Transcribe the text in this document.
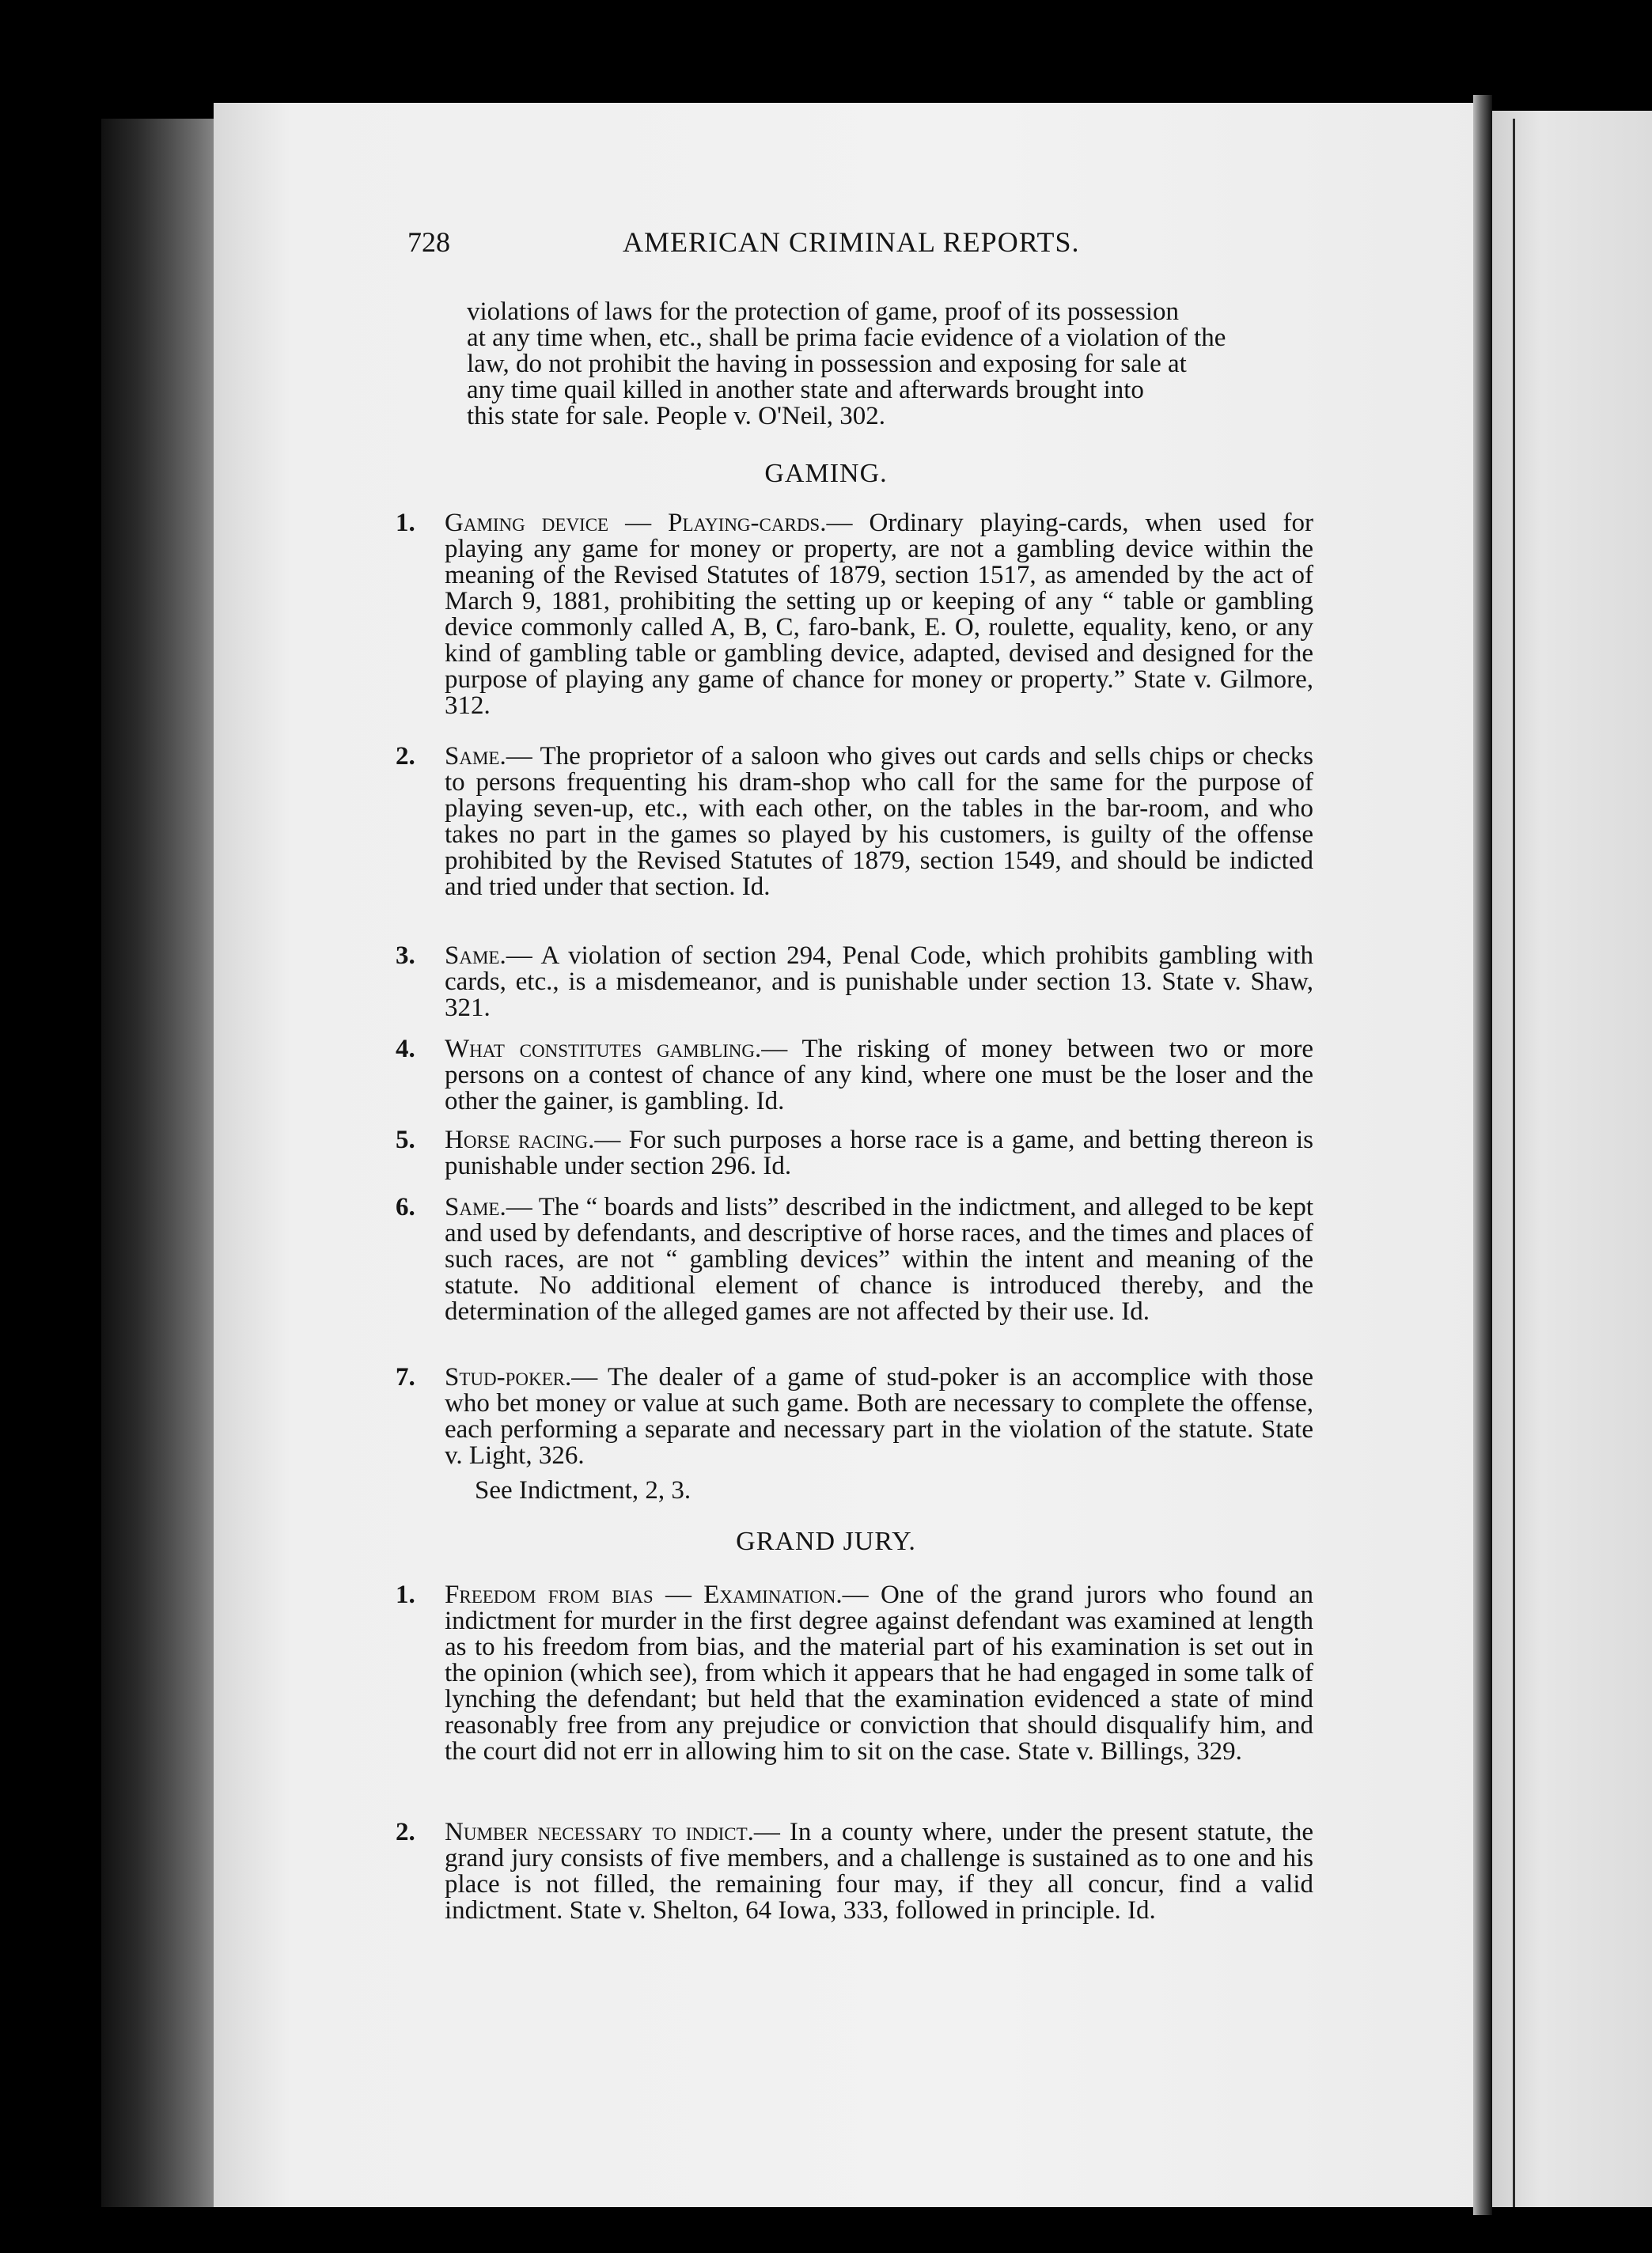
728	AMERICAN CRIMINAL REPORTS.

violations of laws for the protection of game, proof of its possession

at any time when, etc., shall be prima facie evidence of a violation of the

law, do not prohibit the having in possession and exposing for sale at

any time quail killed in another state and afterwards brought into

this state for sale. People v. O'Neil, 302.

GAMING.
1. Gaming device — Playing-cards.— Ordinary playing-cards, when used for playing any game for money or property, are not a gambling device within the meaning of the Revised Statutes of 1879, section 1517, as amended by the act of March 9, 1881, prohibiting the setting up or keeping of any “ table or gambling device commonly called A, B, C, faro-bank, E. O, roulette, equality, keno, or any kind of gambling table or gambling device, adapted, devised and designed for the purpose of playing any game of chance for money or property.” State v. Gilmore, 312.
2. Same.— The proprietor of a saloon who gives out cards and sells chips or checks to persons frequenting his dram-shop who call for the same for the purpose of playing seven-up, etc., with each other, on the tables in the bar-room, and who takes no part in the games so played by his customers, is guilty of the offense prohibited by the Revised Statutes of 1879, section 1549, and should be indicted and tried under that section. Id.
3. Same.— A violation of section 294, Penal Code, which prohibits gambling with cards, etc., is a misdemeanor, and is punishable under section 13. State v. Shaw, 321.
4. What constitutes gambling.— The risking of money between two or more persons on a contest of chance of any kind, where one must be the loser and the other the gainer, is gambling. Id.
5. Horse racing.— For such purposes a horse race is a game, and betting thereon is punishable under section 296. Id.
6. Same.— The “ boards and lists” described in the indictment, and alleged to be kept and used by defendants, and descriptive of horse races, and the times and places of such races, are not “ gambling devices” within the intent and meaning of the statute. No additional element of chance is introduced thereby, and the determination of the alleged games are not affected by their use. Id.
7. Stud-poker.— The dealer of a game of stud-poker is an accomplice with those who bet money or value at such game. Both are necessary to complete the offense, each performing a separate and necessary part in the violation of the statute. State v. Light, 326.
See Indictment, 2, 3.
GRAND JURY.
1. Freedom from bias — Examination.— One of the grand jurors who found an indictment for murder in the first degree against defendant was examined at length as to his freedom from bias, and the material part of his examination is set out in the opinion (which see), from which it appears that he had engaged in some talk of lynching the defendant; but held that the examination evidenced a state of mind reasonably free from any prejudice or conviction that should disqualify him, and the court did not err in allowing him to sit on the case. State v. Billings, 329.
2. Number necessary to indict.— In a county where, under the present statute, the grand jury consists of five members, and a challenge is sustained as to one and his place is not filled, the remaining four may, if they all concur, find a valid indictment. State v. Shelton, 64 Iowa, 333, followed in principle. Id.
